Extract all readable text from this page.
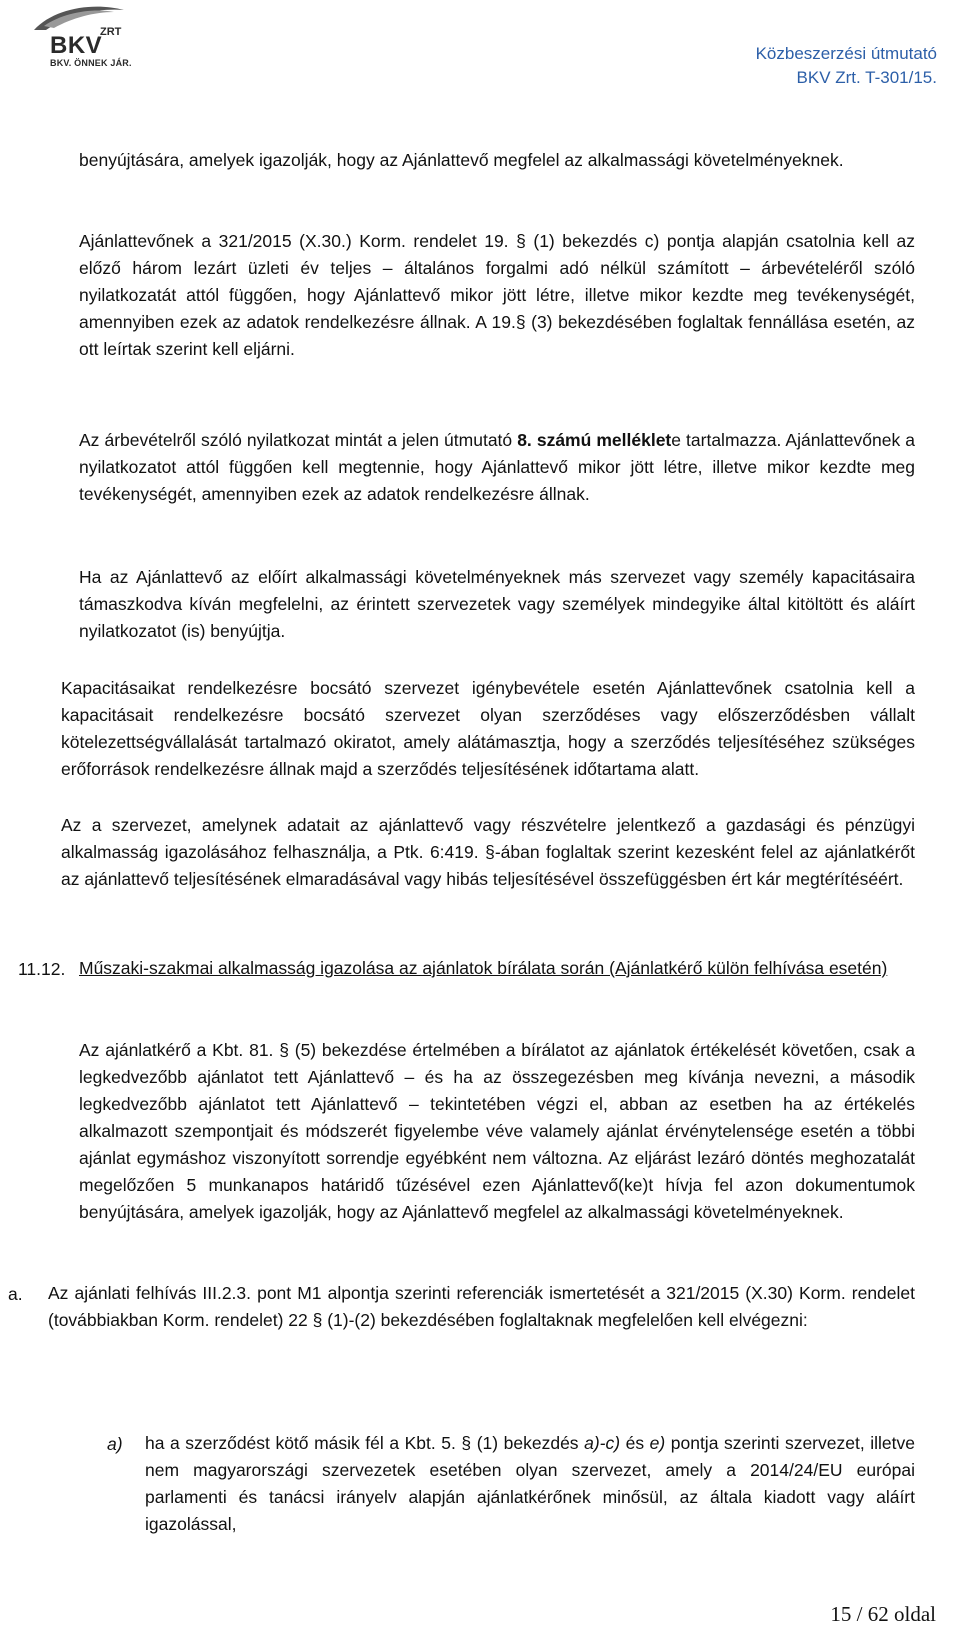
BKV
ZRT
BKV. ÖNNEK JÁR.	Közbeszerzési útmutató
BKV Zrt. T-301/15.

benyújtására, amelyek igazolják, hogy az Ajánlattevő megfelel az alkalmassági követelményeknek.

Ajánlattevőnek a 321/2015 (X.30.) Korm. rendelet 19. § (1) bekezdés c) pontja alapján csatolnia kell az előző három lezárt üzleti év teljes – általános forgalmi adó nélkül számított – árbevételéről szóló nyilatkozatát attól függően, hogy Ajánlattevő mikor jött létre, illetve mikor kezdte meg tevékenységét, amennyiben ezek az adatok rendelkezésre állnak. A 19.§ (3) bekezdésében foglaltak fennállása esetén, az ott leírtak szerint kell eljárni.

Az árbevételről szóló nyilatkozat mintát a jelen útmutató 8. számú melléklete tartalmazza. Ajánlattevőnek a nyilatkozatot attól függően kell megtennie, hogy Ajánlattevő mikor jött létre, illetve mikor kezdte meg tevékenységét, amennyiben ezek az adatok rendelkezésre állnak.

Ha az Ajánlattevő az előírt alkalmassági követelményeknek más szervezet vagy személy kapacitásaira támaszkodva kíván megfelelni, az érintett szervezetek vagy személyek mindegyike által kitöltött és aláírt nyilatkozatot (is) benyújtja.

Kapacitásaikat rendelkezésre bocsátó szervezet igénybevétele esetén Ajánlattevőnek csatolnia kell a kapacitásait rendelkezésre bocsátó szervezet olyan szerződéses vagy előszerződésben vállalt kötelezettségvállalását tartalmazó okiratot, amely alátámasztja, hogy a szerződés teljesítéséhez szükséges erőforrások rendelkezésre állnak majd a szerződés teljesítésének időtartama alatt.

Az a szervezet, amelynek adatait az ajánlattevő vagy részvételre jelentkező a gazdasági és pénzügyi alkalmasság igazolásához felhasználja, a Ptk. 6:419. §-ában foglaltak szerint kezesként felel az ajánlatkérőt az ajánlattevő teljesítésének elmaradásával vagy hibás teljesítésével összefüggésben ért kár megtérítéséért.

11.12. Műszaki-szakmai alkalmasság igazolása az ajánlatok bírálata során (Ajánlatkérő külön felhívása esetén)

Az ajánlatkérő a Kbt. 81. § (5) bekezdése értelmében a bírálatot az ajánlatok értékelését követően, csak a legkedvezőbb ajánlatot tett Ajánlattevő – és ha az összegezésben meg kívánja nevezni, a második legkedvezőbb ajánlatot tett Ajánlattevő – tekintetében végzi el, abban az esetben ha az értékelés alkalmazott szempontjait és módszerét figyelembe véve valamely ajánlat érvénytelensége esetén a többi ajánlat egymáshoz viszonyított sorrendje egyébként nem változna. Az eljárást lezáró döntés meghozatalát megelőzően 5 munkanapos határidő tűzésével ezen Ajánlattevő(ke)t hívja fel azon dokumentumok benyújtására, amelyek igazolják, hogy az Ajánlattevő megfelel az alkalmassági követelményeknek.

a. Az ajánlati felhívás III.2.3. pont M1 alpontja szerinti referenciák ismertetését a 321/2015 (X.30) Korm. rendelet (továbbiakban Korm. rendelet) 22 § (1)-(2) bekezdésében foglaltaknak megfelelően kell elvégezni:

a) ha a szerződést kötő másik fél a Kbt. 5. § (1) bekezdés a)-c) és e) pontja szerinti szervezet, illetve nem magyarországi szervezetek esetében olyan szervezet, amely a 2014/24/EU európai parlamenti és tanácsi irányelv alapján ajánlatkérőnek minősül, az általa kiadott vagy aláírt igazolással,

15 / 62 oldal
